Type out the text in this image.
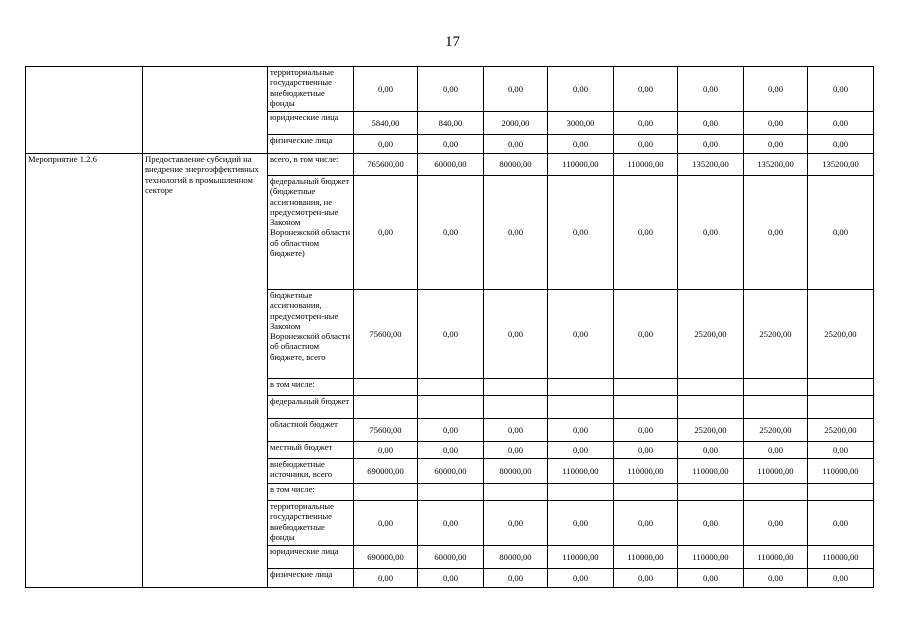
17
		территориальные государственные внебюджетные фонды	0,00	0,00	0,00	0,00	0,00	0,00	0,00	0,00
		юридические лица	5840,00	840,00	2000,00	3000,00	0,00	0,00	0,00	0,00
		физические лица	0,00	0,00	0,00	0,00	0,00	0,00	0,00	0,00
Мероприятие 1.2.6	Предоставление субсидий на внедрение энергоэффективных технологий в промышленном секторе	всего, в том числе:	765600,00	60000,00	80000,00	110000,00	110000,00	135200,00	135200,00	135200,00
		федеральный бюджет (бюджетные ассигнования, не предусмотрен-ные Законом Воронежской области об областном бюджете)	0,00	0,00	0,00	0,00	0,00	0,00	0,00	0,00
		бюджетные ассигнования, предусмотрен-ные Законом Воронежской области об областном бюджете, всего	75600,00	0,00	0,00	0,00	0,00	25200,00	25200,00	25200,00
		в том числе:								
		федеральный бюджет								
		областной бюджет	75600,00	0,00	0,00	0,00	0,00	25200,00	25200,00	25200,00
		местный бюджет	0,00	0,00	0,00	0,00	0,00	0,00	0,00	0,00
		внебюджетные источники, всего	690000,00	60000,00	80000,00	110000,00	110000,00	110000,00	110000,00	110000,00
		в том числе:								
		территориальные государственные внебюджетные фонды	0,00	0,00	0,00	0,00	0,00	0,00	0,00	0,00
		юридические лица	690000,00	60000,00	80000,00	110000,00	110000,00	110000,00	110000,00	110000,00
		физические лица	0,00	0,00	0,00	0,00	0,00	0,00	0,00	0,00
